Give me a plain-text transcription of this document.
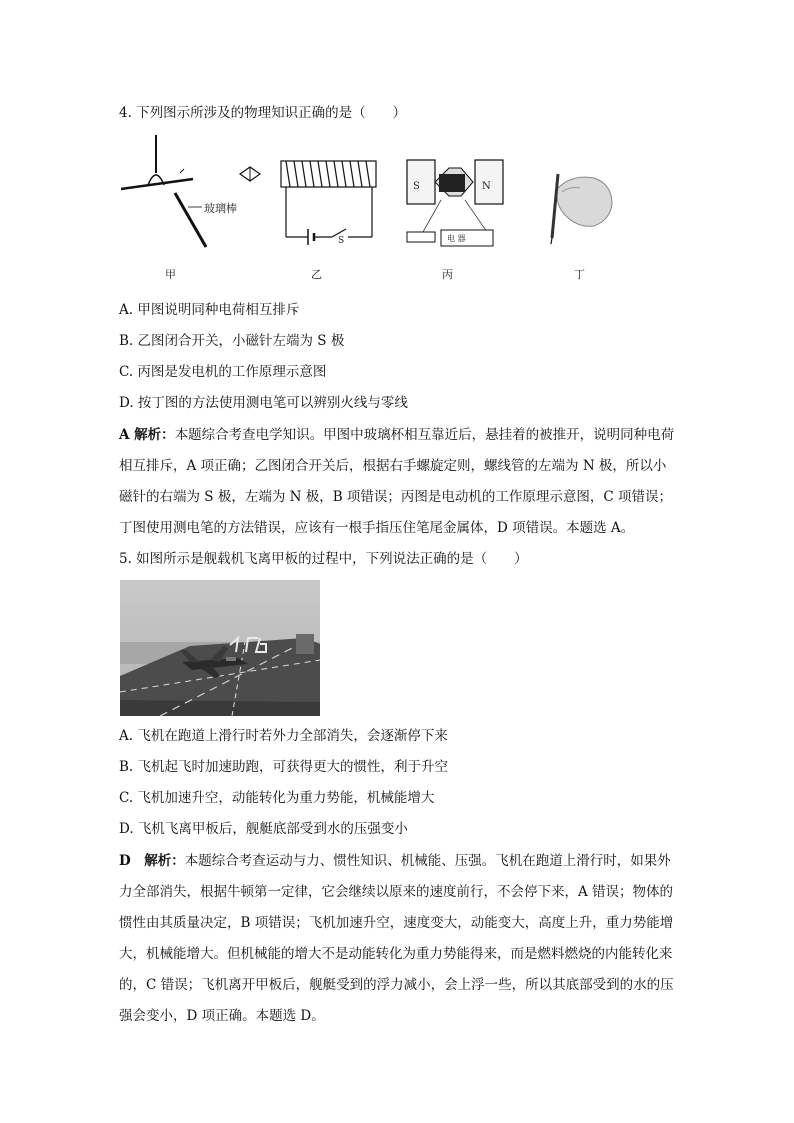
4. 下列图示所涉及的物理知识正确的是（　　）
玻璃棒
S
S	N
电 器
甲	乙	丙	丁
A. 甲图说明同种电荷相互排斥
B. 乙图闭合开关，小磁针左端为 S 极
C. 丙图是发电机的工作原理示意图
D. 按丁图的方法使用测电笔可以辨别火线与零线
A 解析：本题综合考查电学知识。甲图中玻璃杯相互靠近后，悬挂着的被推开，说明同种电荷相互排斥，A 项正确；乙图闭合开关后，根据右手螺旋定则，螺线管的左端为 N 极，所以小磁针的右端为 S 极，左端为 N 极，B 项错误；丙图是电动机的工作原理示意图，C 项错误；丁图使用测电笔的方法错误，应该有一根手指压住笔尾金属体，D 项错误。本题选 A。
5. 如图所示是舰载机飞离甲板的过程中，下列说法正确的是（　　）
A. 飞机在跑道上滑行时若外力全部消失，会逐渐停下来
B. 飞机起飞时加速助跑，可获得更大的惯性，利于升空
C. 飞机加速升空，动能转化为重力势能，机械能增大
D. 飞机飞离甲板后，舰艇底部受到水的压强变小
D　解析：本题综合考查运动与力、惯性知识、机械能、压强。飞机在跑道上滑行时，如果外力全部消失，根据牛顿第一定律，它会继续以原来的速度前行，不会停下来，A 错误；物体的惯性由其质量决定，B 项错误；飞机加速升空，速度变大，动能变大，高度上升，重力势能增大，机械能增大。但机械能的增大不是动能转化为重力势能得来，而是燃料燃烧的内能转化来的，C 错误；飞机离开甲板后，舰艇受到的浮力减小，会上浮一些，所以其底部受到的水的压强会变小，D 项正确。本题选 D。
